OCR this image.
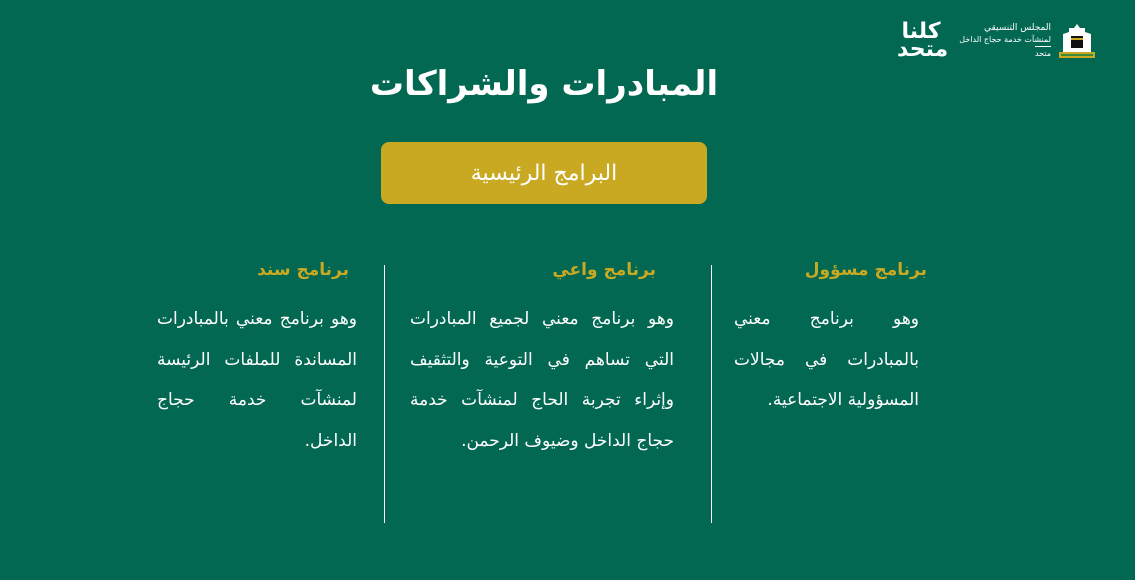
كلنا متحد
المجلس التنسيقي
لمنشآت خدمة حجاج الداخل
متحد
المبادرات والشراكات
البرامج الرئيسية
برنامج مسؤول
وهو برنامج معني بالمبادرات في مجالات المسؤولية الاجتماعية.
برنامج واعي
وهو برنامج معني لجميع المبادرات التي تساهم في التوعية والتثقيف وإثراء تجربة الحاج لمنشآت خدمة حجاج الداخل وضيوف الرحمن.
برنامج سند
وهو برنامج معني بالمبادرات المساندة للملفات الرئيسة لمنشآت خدمة حجاج الداخل.
